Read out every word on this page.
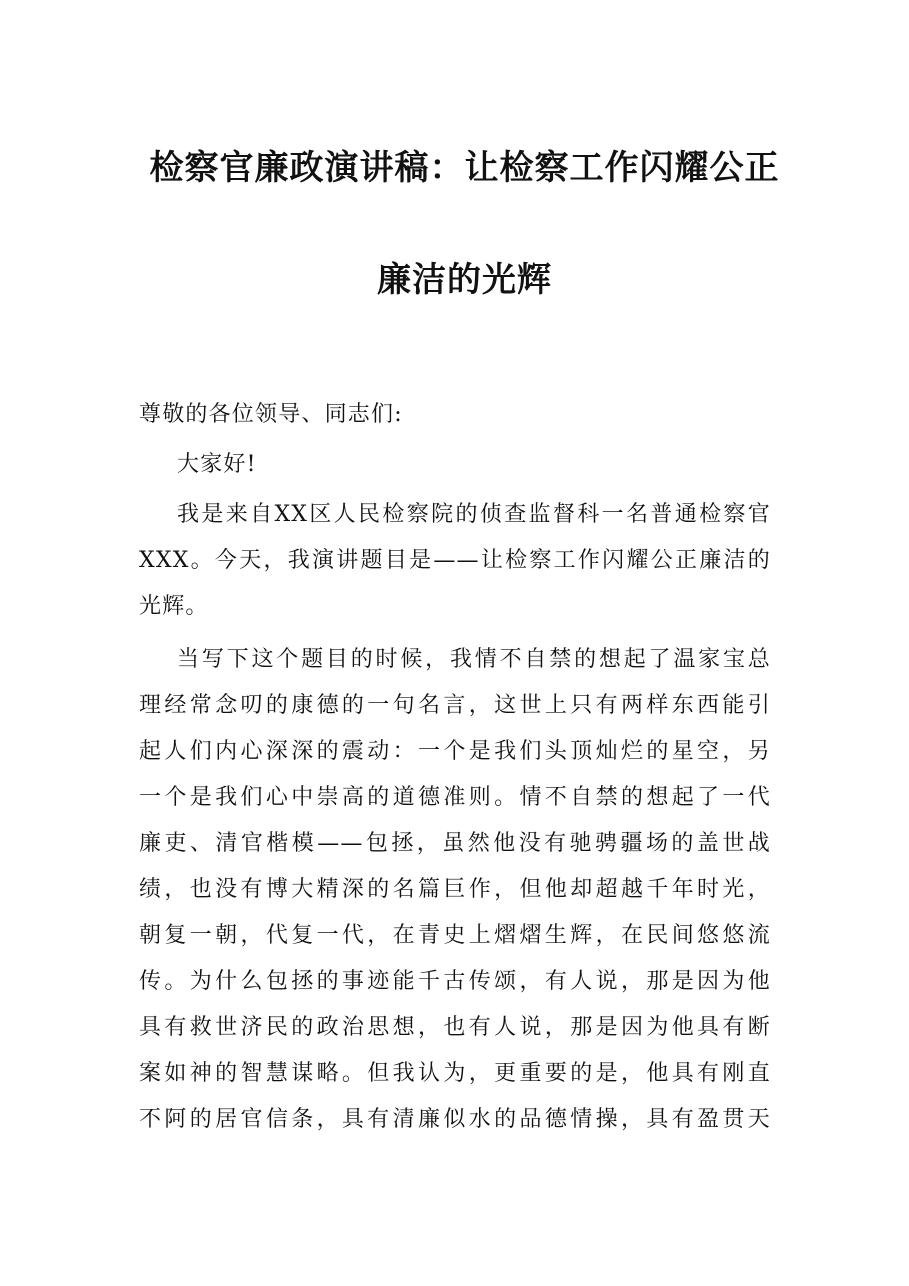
检察官廉政演讲稿：让检察工作闪耀公正
廉洁的光辉
尊敬的各位领导、同志们:
大家好!
我是来自XX区人民检察院的侦查监督科一名普通检察官
XXX。今天，我演讲题目是——让检察工作闪耀公正廉洁的
光辉。
当写下这个题目的时候，我情不自禁的想起了温家宝总
理经常念叨的康德的一句名言，这世上只有两样东西能引
起人们内心深深的震动：一个是我们头顶灿烂的星空，另
一个是我们心中崇高的道德准则。情不自禁的想起了一代
廉吏、清官楷模——包拯，虽然他没有驰骋疆场的盖世战
绩，也没有博大精深的名篇巨作，但他却超越千年时光，
朝复一朝，代复一代，在青史上熠熠生辉，在民间悠悠流
传。为什么包拯的事迹能千古传颂，有人说，那是因为他
具有救世济民的政治思想，也有人说，那是因为他具有断
案如神的智慧谋略。但我认为，更重要的是，他具有刚直
不阿的居官信条，具有清廉似水的品德情操，具有盈贯天
